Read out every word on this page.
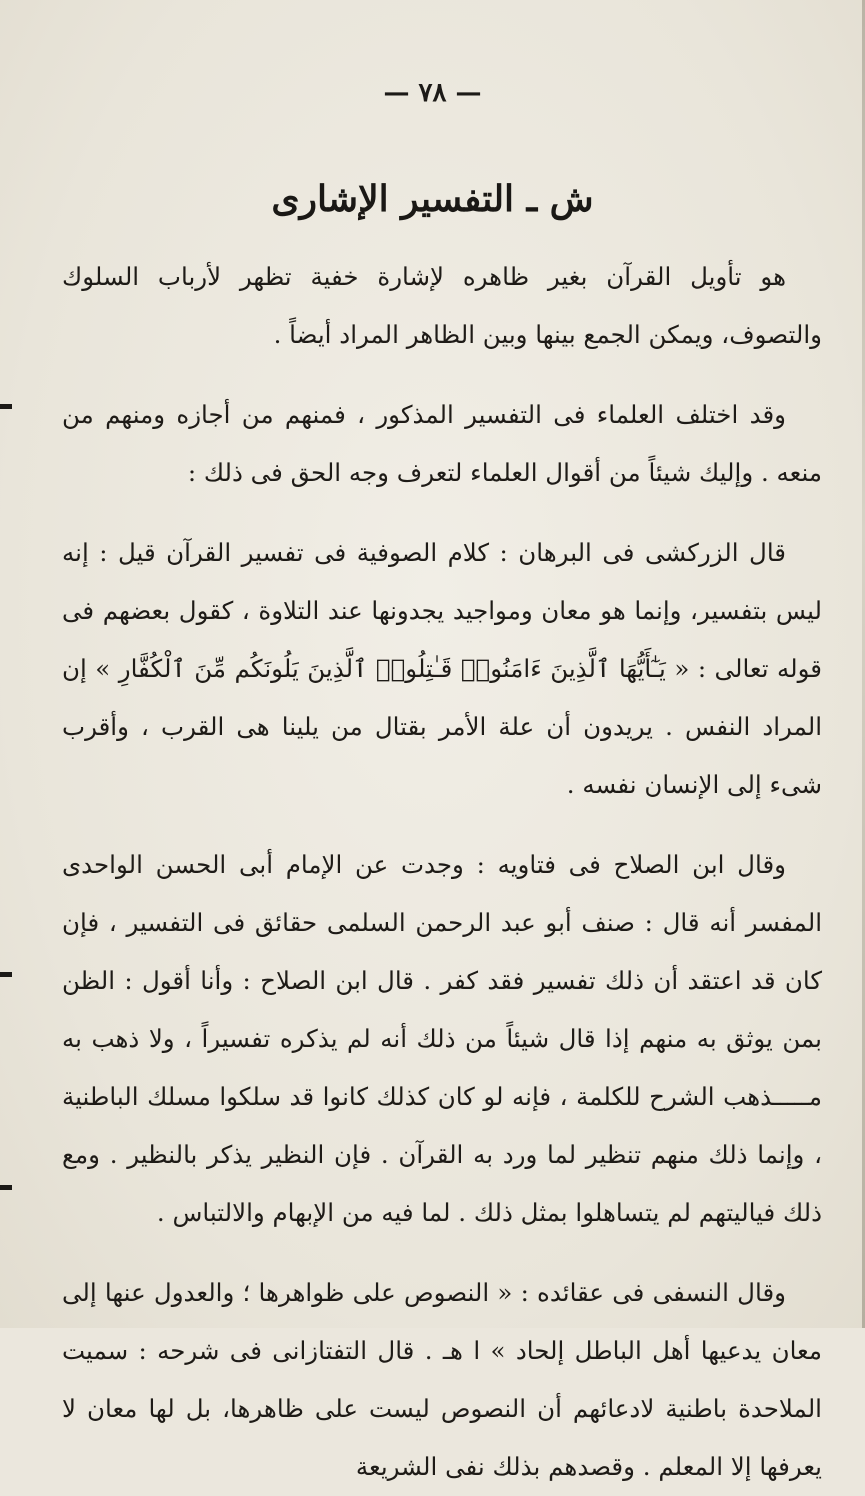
— ٧٨ —
ش ـ التفسير الإشارى

هو تأويل القرآن بغير ظاهره لإشارة خفية تظهر لأرباب السلوك والتصوف، ويمكن الجمع بينها وبين الظاهر المراد أيضاً .

وقد اختلف العلماء فى التفسير المذكور ، فمنهم من أجازه ومنهم من منعه . وإليك شيئاً من أقوال العلماء لتعرف وجه الحق فى ذلك :

قال الزركشى فى البرهان : كلام الصوفية فى تفسير القرآن قيل : إنه ليس بتفسير، وإنما هو معان ومواجيد يجدونها عند التلاوة ، كقول بعضهم فى قوله تعالى : « يَـٰٓأَيُّهَا ٱلَّذِينَ ءَامَنُوا۟ قَـٰتِلُوا۟ ٱلَّذِينَ يَلُونَكُم مِّنَ ٱلْكُفَّارِ » إن المراد النفس . يريدون أن علة الأمر بقتال من يلينا هى القرب ، وأقرب شىء إلى الإنسان نفسه .

وقال ابن الصلاح فى فتاويه : وجدت عن الإمام أبى الحسن الواحدى المفسر أنه قال : صنف أبو عبد الرحمن السلمى حقائق فى التفسير ، فإن كان قد اعتقد أن ذلك تفسير فقد كفر . قال ابن الصلاح : وأنا أقول : الظن بمن يوثق به منهم إذا قال شيئاً من ذلك أنه لم يذكره تفسيراً ، ولا ذهب به مـــــذهب الشرح للكلمة ، فإنه لو كان كذلك كانوا قد سلكوا مسلك الباطنية ، وإنما ذلك منهم تنظير لما ورد به القرآن . فإن النظير يذكر بالنظير . ومع ذلك فياليتهم لم يتساهلوا بمثل ذلك . لما فيه من الإبهام والالتباس .

وقال النسفى فى عقائده : « النصوص على ظواهرها ؛ والعدول عنها إلى معان يدعيها أهل الباطل إلحاد » ا هـ . قال التفتازانى فى شرحه : سميت الملاحدة باطنية لادعائهم أن النصوص ليست على ظاهرها، بل لها معان لا يعرفها إلا المعلم . وقصدهم بذلك نفى الشريعة
